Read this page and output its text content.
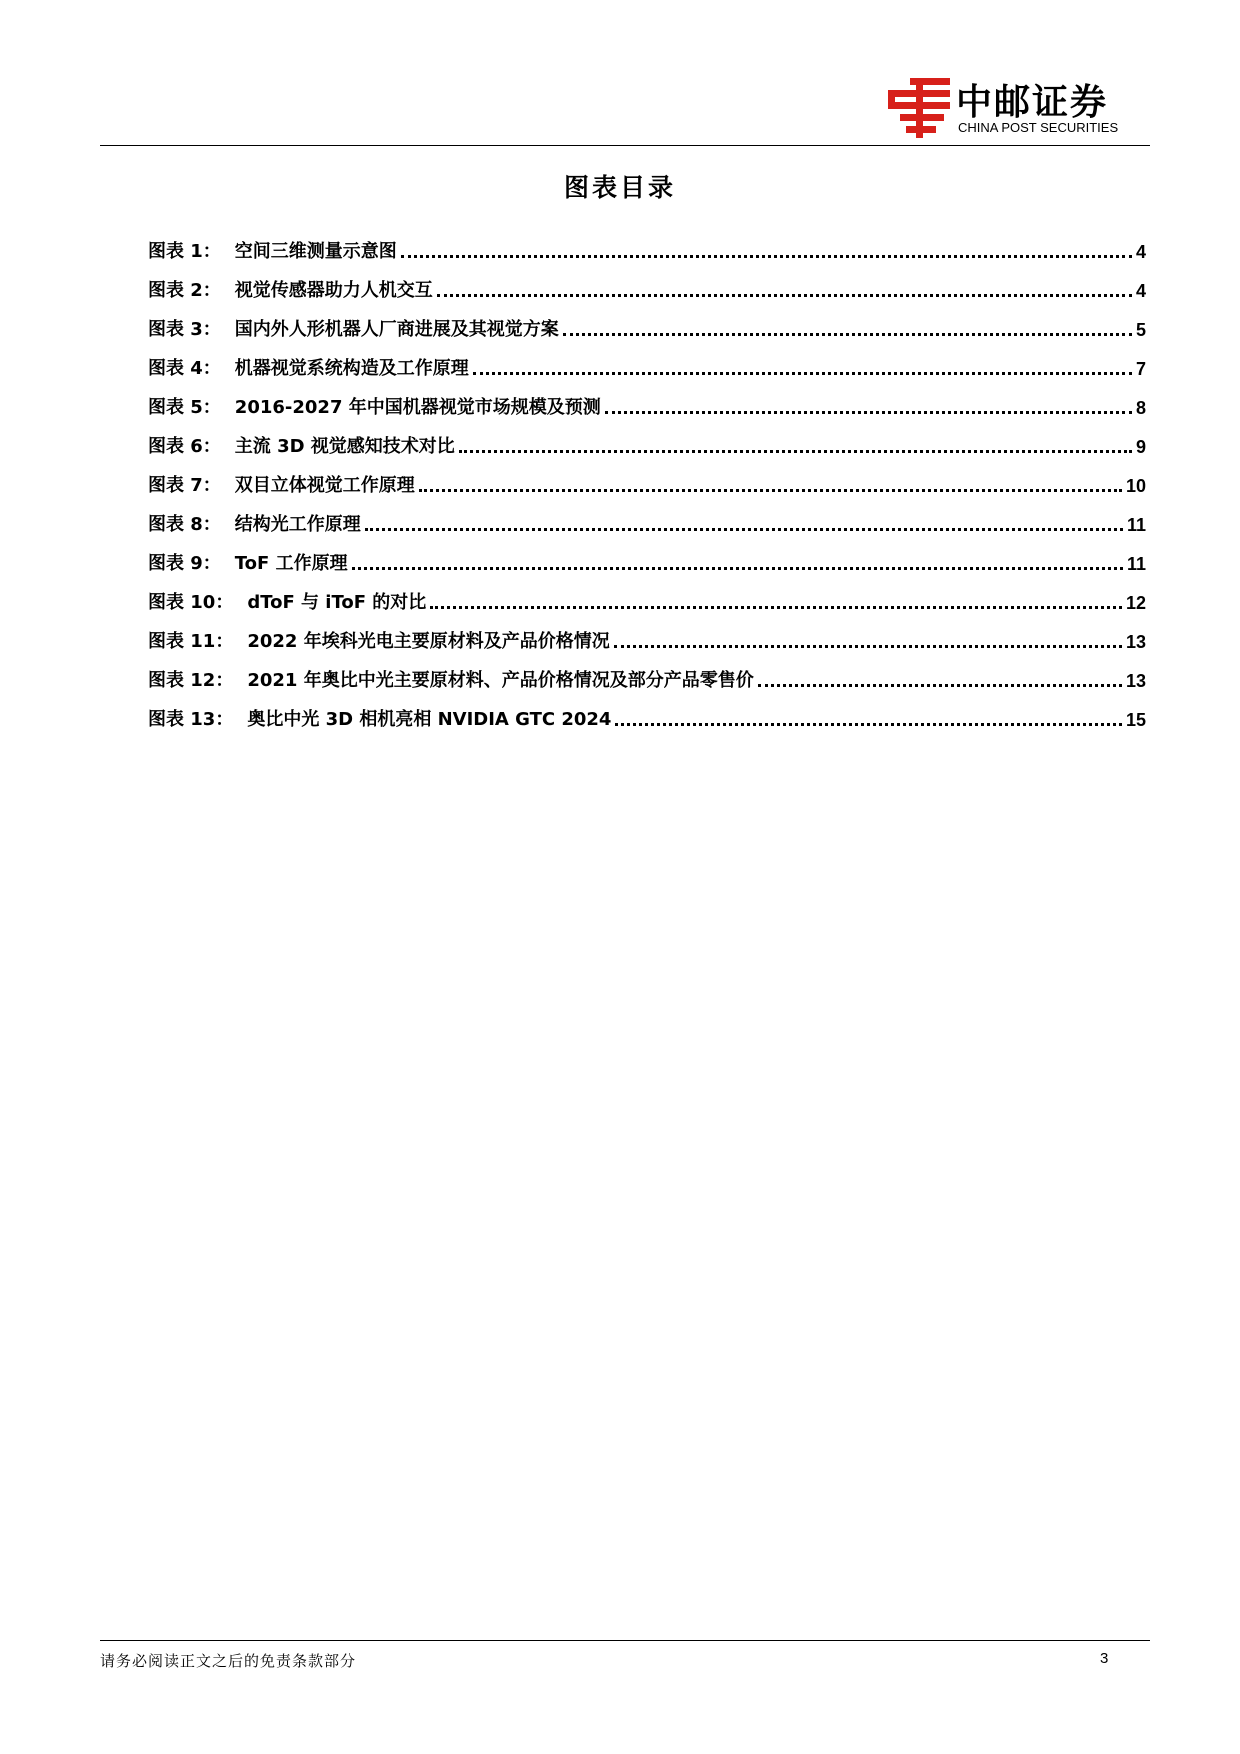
中邮证券
CHINA POST SECURITIES
图表目录
图表 1： 空间三维测量示意图	4
图表 2： 视觉传感器助力人机交互	4
图表 3： 国内外人形机器人厂商进展及其视觉方案	5
图表 4： 机器视觉系统构造及工作原理	7
图表 5： 2016-2027 年中国机器视觉市场规模及预测	8
图表 6： 主流 3D 视觉感知技术对比	9
图表 7： 双目立体视觉工作原理	10
图表 8： 结构光工作原理	11
图表 9： ToF 工作原理	11
图表 10： dToF 与 iToF 的对比	12
图表 11： 2022 年埃科光电主要原材料及产品价格情况	13
图表 12： 2021 年奥比中光主要原材料、产品价格情况及部分产品零售价	13
图表 13： 奥比中光 3D 相机亮相 NVIDIA GTC 2024	15
请务必阅读正文之后的免责条款部分	3
